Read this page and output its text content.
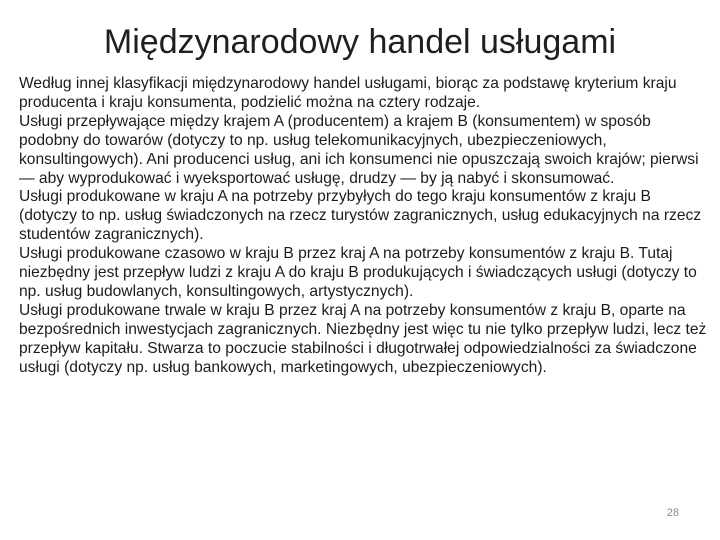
Międzynarodowy handel usługami

Według innej klasyfikacji międzynarodowy handel usługami, biorąc za podstawę kryterium kraju producenta i kraju konsumenta, podzielić można na cztery rodzaje.

Usługi przepływające między krajem A (producentem) a krajem B (konsumentem) w sposób podobny do towarów (dotyczy to np. usług telekomunikacyjnych, ubezpieczeniowych, konsultingowych). Ani producenci usług, ani ich konsumenci nie opuszczają swoich krajów; pierwsi — aby wyprodukować i wyeksportować usługę, drudzy — by ją nabyć i skonsumować.

Usługi produkowane w kraju A na potrzeby przybyłych do tego kraju konsumentów z kraju B (dotyczy to np. usług świadczonych na rzecz turystów zagranicznych, usług edukacyjnych na rzecz studentów zagranicznych).

Usługi produkowane czasowo w kraju B przez kraj A na potrzeby konsumentów z kraju B. Tutaj niezbędny jest przepływ ludzi z kraju A do kraju B produkujących i świadczących usługi (dotyczy to np. usług budowlanych, konsultingowych, artystycznych).

Usługi produkowane trwale w kraju B przez kraj A na potrzeby konsumentów z kraju B, oparte na bezpośrednich inwestycjach zagranicznych. Niezbędny jest więc tu nie tylko przepływ ludzi, lecz też przepływ kapitału. Stwarza to poczucie stabilności i długotrwałej odpowiedzialności za świadczone usługi (dotyczy np. usług bankowych, marketingowych, ubezpieczeniowych).

28
